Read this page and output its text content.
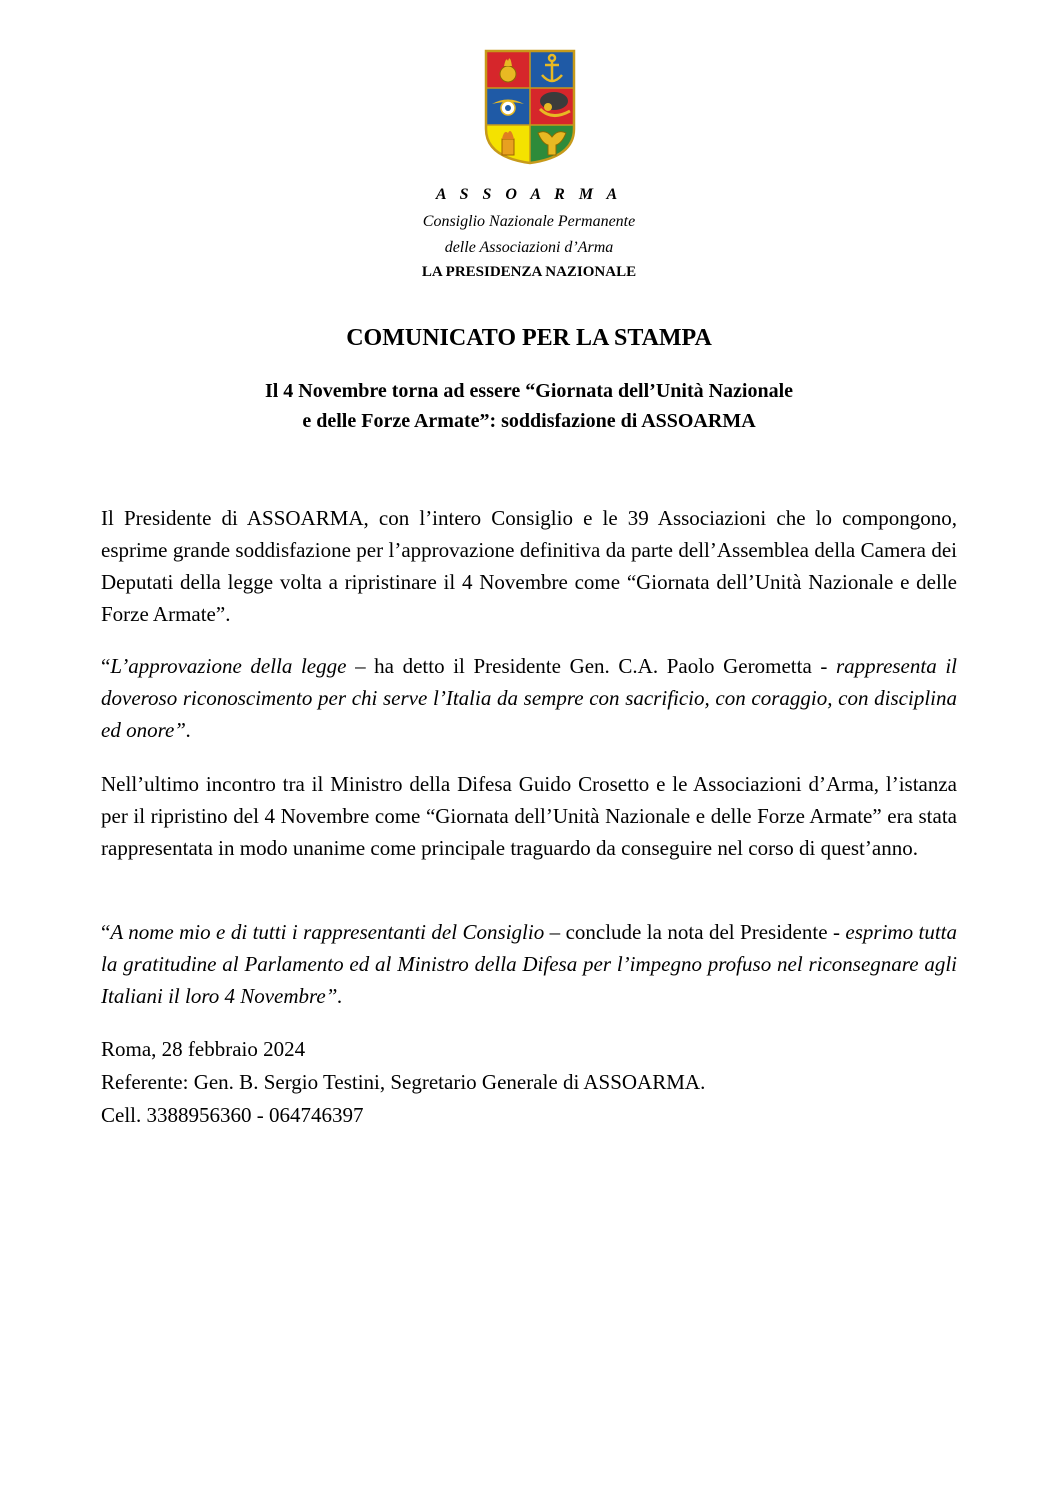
A S S O A R M A
Consiglio Nazionale Permanente
delle Associazioni d’Arma
LA PRESIDENZA NAZIONALE
COMUNICATO PER LA STAMPA
Il 4 Novembre torna ad essere “Giornata dell’Unità Nazionale
e delle Forze Armate”: soddisfazione di ASSOARMA

Il Presidente di ASSOARMA, con l’intero Consiglio e le 39 Associazioni che lo compongono, esprime grande soddisfazione per l’approvazione definitiva da parte dell’Assemblea della Camera dei Deputati della legge volta a ripristinare il 4 Novembre come “Giornata dell’Unità Nazionale e delle Forze Armate”.

“L’approvazione della legge – ha detto il Presidente Gen. C.A. Paolo Gerometta - rappresenta il doveroso riconoscimento per chi serve l’Italia da sempre con sacrificio, con coraggio, con disciplina ed onore”.

Nell’ultimo incontro tra il Ministro della Difesa Guido Crosetto e le Associazioni d’Arma, l’istanza per il ripristino del 4 Novembre come “Giornata dell’Unità Nazionale e delle Forze Armate” era stata rappresentata in modo unanime come principale traguardo da conseguire nel corso di quest’anno.

“A nome mio e di tutti i rappresentanti del Consiglio – conclude la nota del Presidente - esprimo tutta la gratitudine al Parlamento ed al Ministro della Difesa per l’impegno profuso nel riconsegnare agli Italiani il loro 4 Novembre”.

Roma, 28 febbraio 2024
Referente: Gen. B. Sergio Testini, Segretario Generale di ASSOARMA.
Cell. 3388956360 - 064746397
